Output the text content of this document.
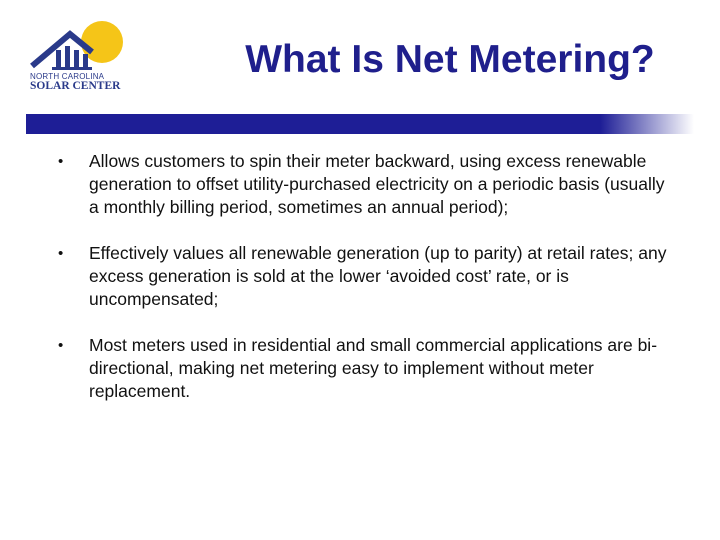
NORTH CAROLINA
SOLAR CENTER
What Is Net Metering?
• Allows customers to spin their meter backward, using excess renewable generation to offset utility-purchased electricity on a periodic basis (usually a monthly billing period, sometimes an annual period);
• Effectively values all renewable generation (up to parity) at retail rates; any excess generation is sold at the lower ‘avoided cost’ rate, or is uncompensated;
• Most meters used in residential and small commercial applications are bi-directional, making net metering easy to implement without meter replacement.
